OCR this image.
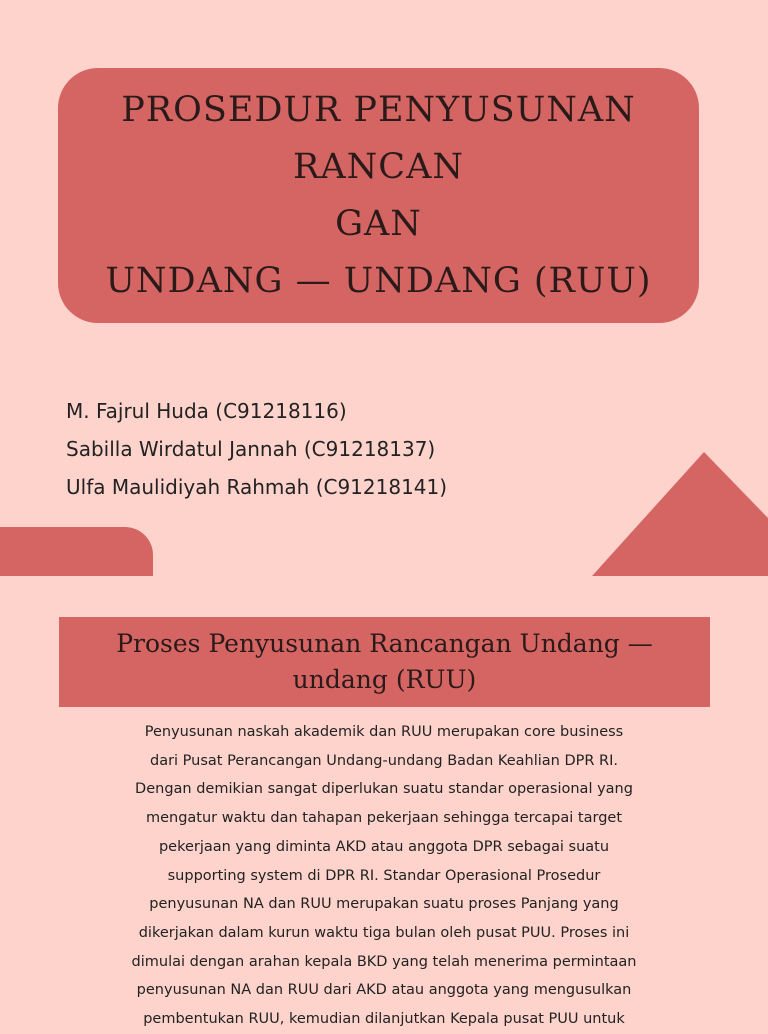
PROSEDUR PENYUSUNAN RANCAN
GAN
UNDANG — UNDANG (RUU)
M. Fajrul Huda (C91218116)
Sabilla Wirdatul Jannah (C91218137)
Ulfa Maulidiyah Rahmah (C91218141)
Proses Penyusunan Rancangan Undang —
undang (RUU)
Penyusunan naskah akademik dan RUU merupakan core business
dari Pusat Perancangan Undang-undang Badan Keahlian DPR RI.
Dengan demikian sangat diperlukan suatu standar operasional yang
mengatur waktu dan tahapan pekerjaan sehingga tercapai target
pekerjaan yang diminta AKD atau anggota DPR sebagai suatu
supporting system di DPR RI. Standar Operasional Prosedur
penyusunan NA dan RUU merupakan suatu proses Panjang yang
dikerjakan dalam kurun waktu tiga bulan oleh pusat PUU. Proses ini
dimulai dengan arahan kepala BKD yang telah menerima permintaan
penyusunan NA dan RUU dari AKD atau anggota yang mengusulkan
pembentukan RUU, kemudian dilanjutkan Kepala pusat PUU untuk
